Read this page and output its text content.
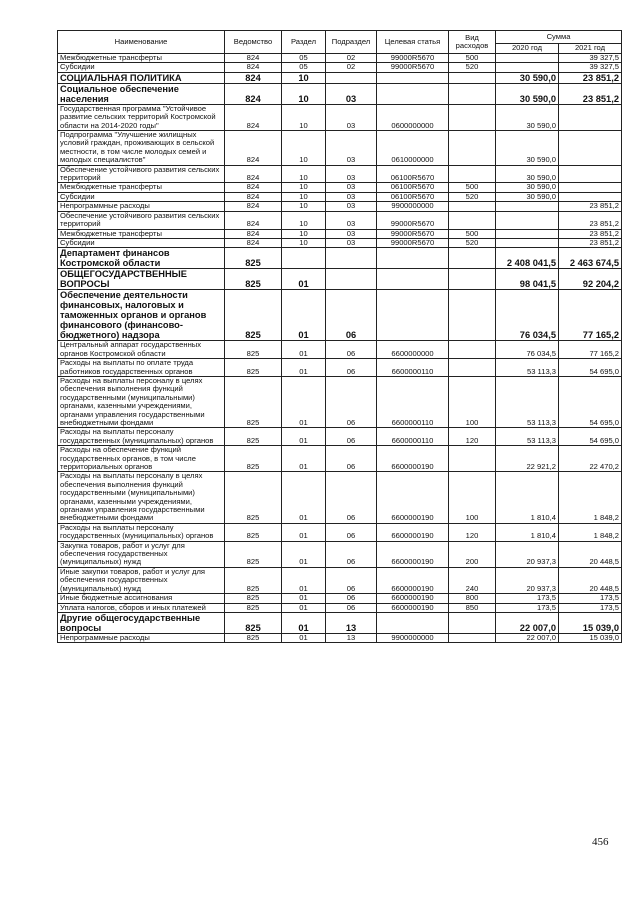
Наименование	Ведомство	Раздел	Подраздел	Целевая статья	Вид расходов	Сумма	
						2020 год	2021 год
Межбюджетные трансферты	824	05	02	99000R5670	500		39 327,5
Субсидии	824	05	02	99000R5670	520		39 327,5
СОЦИАЛЬНАЯ ПОЛИТИКА	824	10				30 590,0	23 851,2
Социальное обеспечение населения	824	10	03			30 590,0	23 851,2
Государственная программа "Устойчивое развитие сельских территорий Костромской области на 2014-2020 годы"	824	10	03	0600000000		30 590,0	
Подпрограмма "Улучшение жилищных условий граждан, проживающих в сельской местности, в том числе молодых семей и молодых специалистов"	824	10	03	0610000000		30 590,0	
Обеспечение устойчивого развития сельских территорий	824	10	03	06100R5670		30 590,0	
Межбюджетные трансферты	824	10	03	06100R5670	500	30 590,0	
Субсидии	824	10	03	06100R5670	520	30 590,0	
Непрограммные расходы	824	10	03	9900000000			23 851,2
Обеспечение устойчивого развития сельских территорий	824	10	03	99000R5670			23 851,2
Межбюджетные трансферты	824	10	03	99000R5670	500		23 851,2
Субсидии	824	10	03	99000R5670	520		23 851,2
Департамент финансов Костромской области	825					2 408 041,5	2 463 674,5
ОБЩЕГОСУДАРСТВЕННЫЕ ВОПРОСЫ	825	01				98 041,5	92 204,2
Обеспечение деятельности финансовых, налоговых и таможенных органов и органов финансового (финансово-бюджетного) надзора	825	01	06			76 034,5	77 165,2
Центральный аппарат государственных органов Костромской области	825	01	06	6600000000		76 034,5	77 165,2
Расходы на выплаты по оплате труда работников государственных органов	825	01	06	6600000110		53 113,3	54 695,0
Расходы на выплаты персоналу в целях обеспечения выполнения функций государственными (муниципальными) органами, казенными учреждениями, органами управления государственными внебюджетными фондами	825	01	06	6600000110	100	53 113,3	54 695,0
Расходы на выплаты персоналу государственных (муниципальных) органов	825	01	06	6600000110	120	53 113,3	54 695,0
Расходы на обеспечение функций государственных органов, в том числе территориальных органов	825	01	06	6600000190		22 921,2	22 470,2
Расходы на выплаты персоналу в целях обеспечения выполнения функций государственными (муниципальными) органами, казенными учреждениями, органами управления государственными внебюджетными фондами	825	01	06	6600000190	100	1 810,4	1 848,2
Расходы на выплаты персоналу государственных (муниципальных) органов	825	01	06	6600000190	120	1 810,4	1 848,2
Закупка товаров, работ и услуг для обеспечения государственных (муниципальных) нужд	825	01	06	6600000190	200	20 937,3	20 448,5
Иные закупки товаров, работ и услуг для обеспечения государственных (муниципальных) нужд	825	01	06	6600000190	240	20 937,3	20 448,5
Иные бюджетные ассигнования	825	01	06	6600000190	800	173,5	173,5
Уплата налогов, сборов и иных платежей	825	01	06	6600000190	850	173,5	173,5
Другие общегосударственные вопросы	825	01	13			22 007,0	15 039,0
Непрограммные расходы	825	01	13	9900000000		22 007,0	15 039,0
456
